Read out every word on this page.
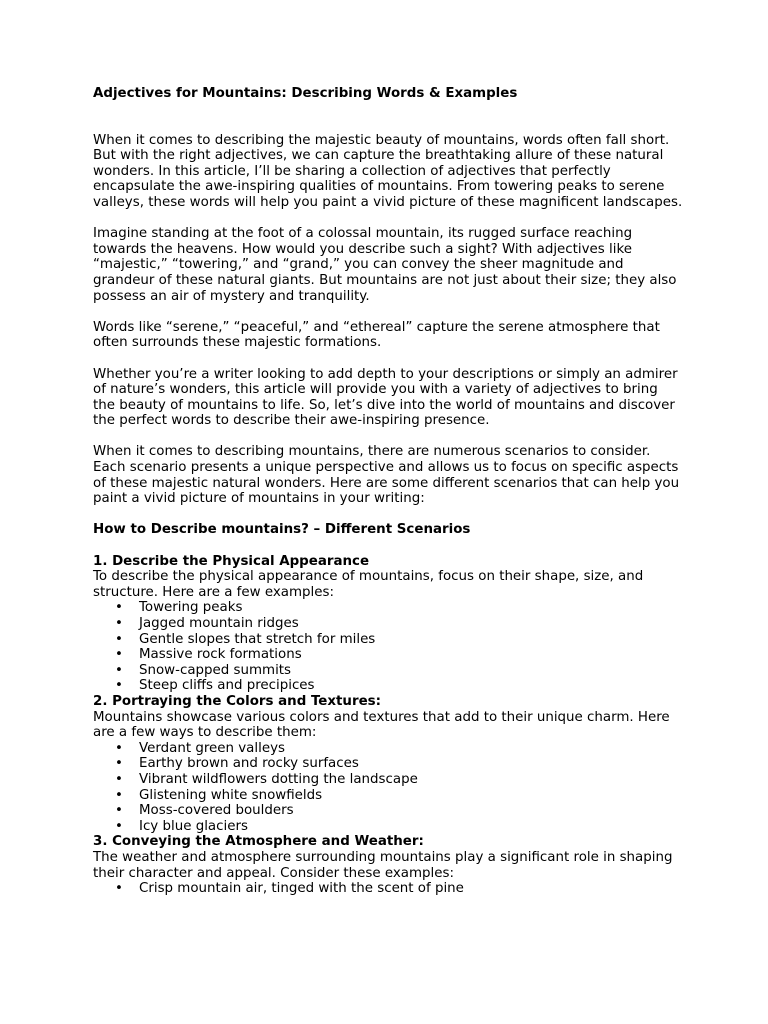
Adjectives for Mountains: Describing Words & Examples

When it comes to describing the majestic beauty of mountains, words often fall short. But with the right adjectives, we can capture the breathtaking allure of these natural wonders. In this article, I’ll be sharing a collection of adjectives that perfectly encapsulate the awe-inspiring qualities of mountains. From towering peaks to serene valleys, these words will help you paint a vivid picture of these magnificent landscapes.

Imagine standing at the foot of a colossal mountain, its rugged surface reaching towards the heavens. How would you describe such a sight? With adjectives like “majestic,” “towering,” and “grand,” you can convey the sheer magnitude and grandeur of these natural giants. But mountains are not just about their size; they also possess an air of mystery and tranquility.

Words like “serene,” “peaceful,” and “ethereal” capture the serene atmosphere that often surrounds these majestic formations.

Whether you’re a writer looking to add depth to your descriptions or simply an admirer of nature’s wonders, this article will provide you with a variety of adjectives to bring the beauty of mountains to life. So, let’s dive into the world of mountains and discover the perfect words to describe their awe-inspiring presence.

When it comes to describing mountains, there are numerous scenarios to consider. Each scenario presents a unique perspective and allows us to focus on specific aspects of these majestic natural wonders. Here are some different scenarios that can help you paint a vivid picture of mountains in your writing:

How to Describe mountains? – Different Scenarios
1. Describe the Physical Appearance
To describe the physical appearance of mountains, focus on their shape, size, and structure. Here are a few examples:
• Towering peaks
• Jagged mountain ridges
• Gentle slopes that stretch for miles
• Massive rock formations
• Snow-capped summits
• Steep cliffs and precipices
2. Portraying the Colors and Textures:
Mountains showcase various colors and textures that add to their unique charm. Here are a few ways to describe them:
• Verdant green valleys
• Earthy brown and rocky surfaces
• Vibrant wildflowers dotting the landscape
• Glistening white snowfields
• Moss-covered boulders
• Icy blue glaciers
3. Conveying the Atmosphere and Weather:
The weather and atmosphere surrounding mountains play a significant role in shaping their character and appeal. Consider these examples:
• Crisp mountain air, tinged with the scent of pine
